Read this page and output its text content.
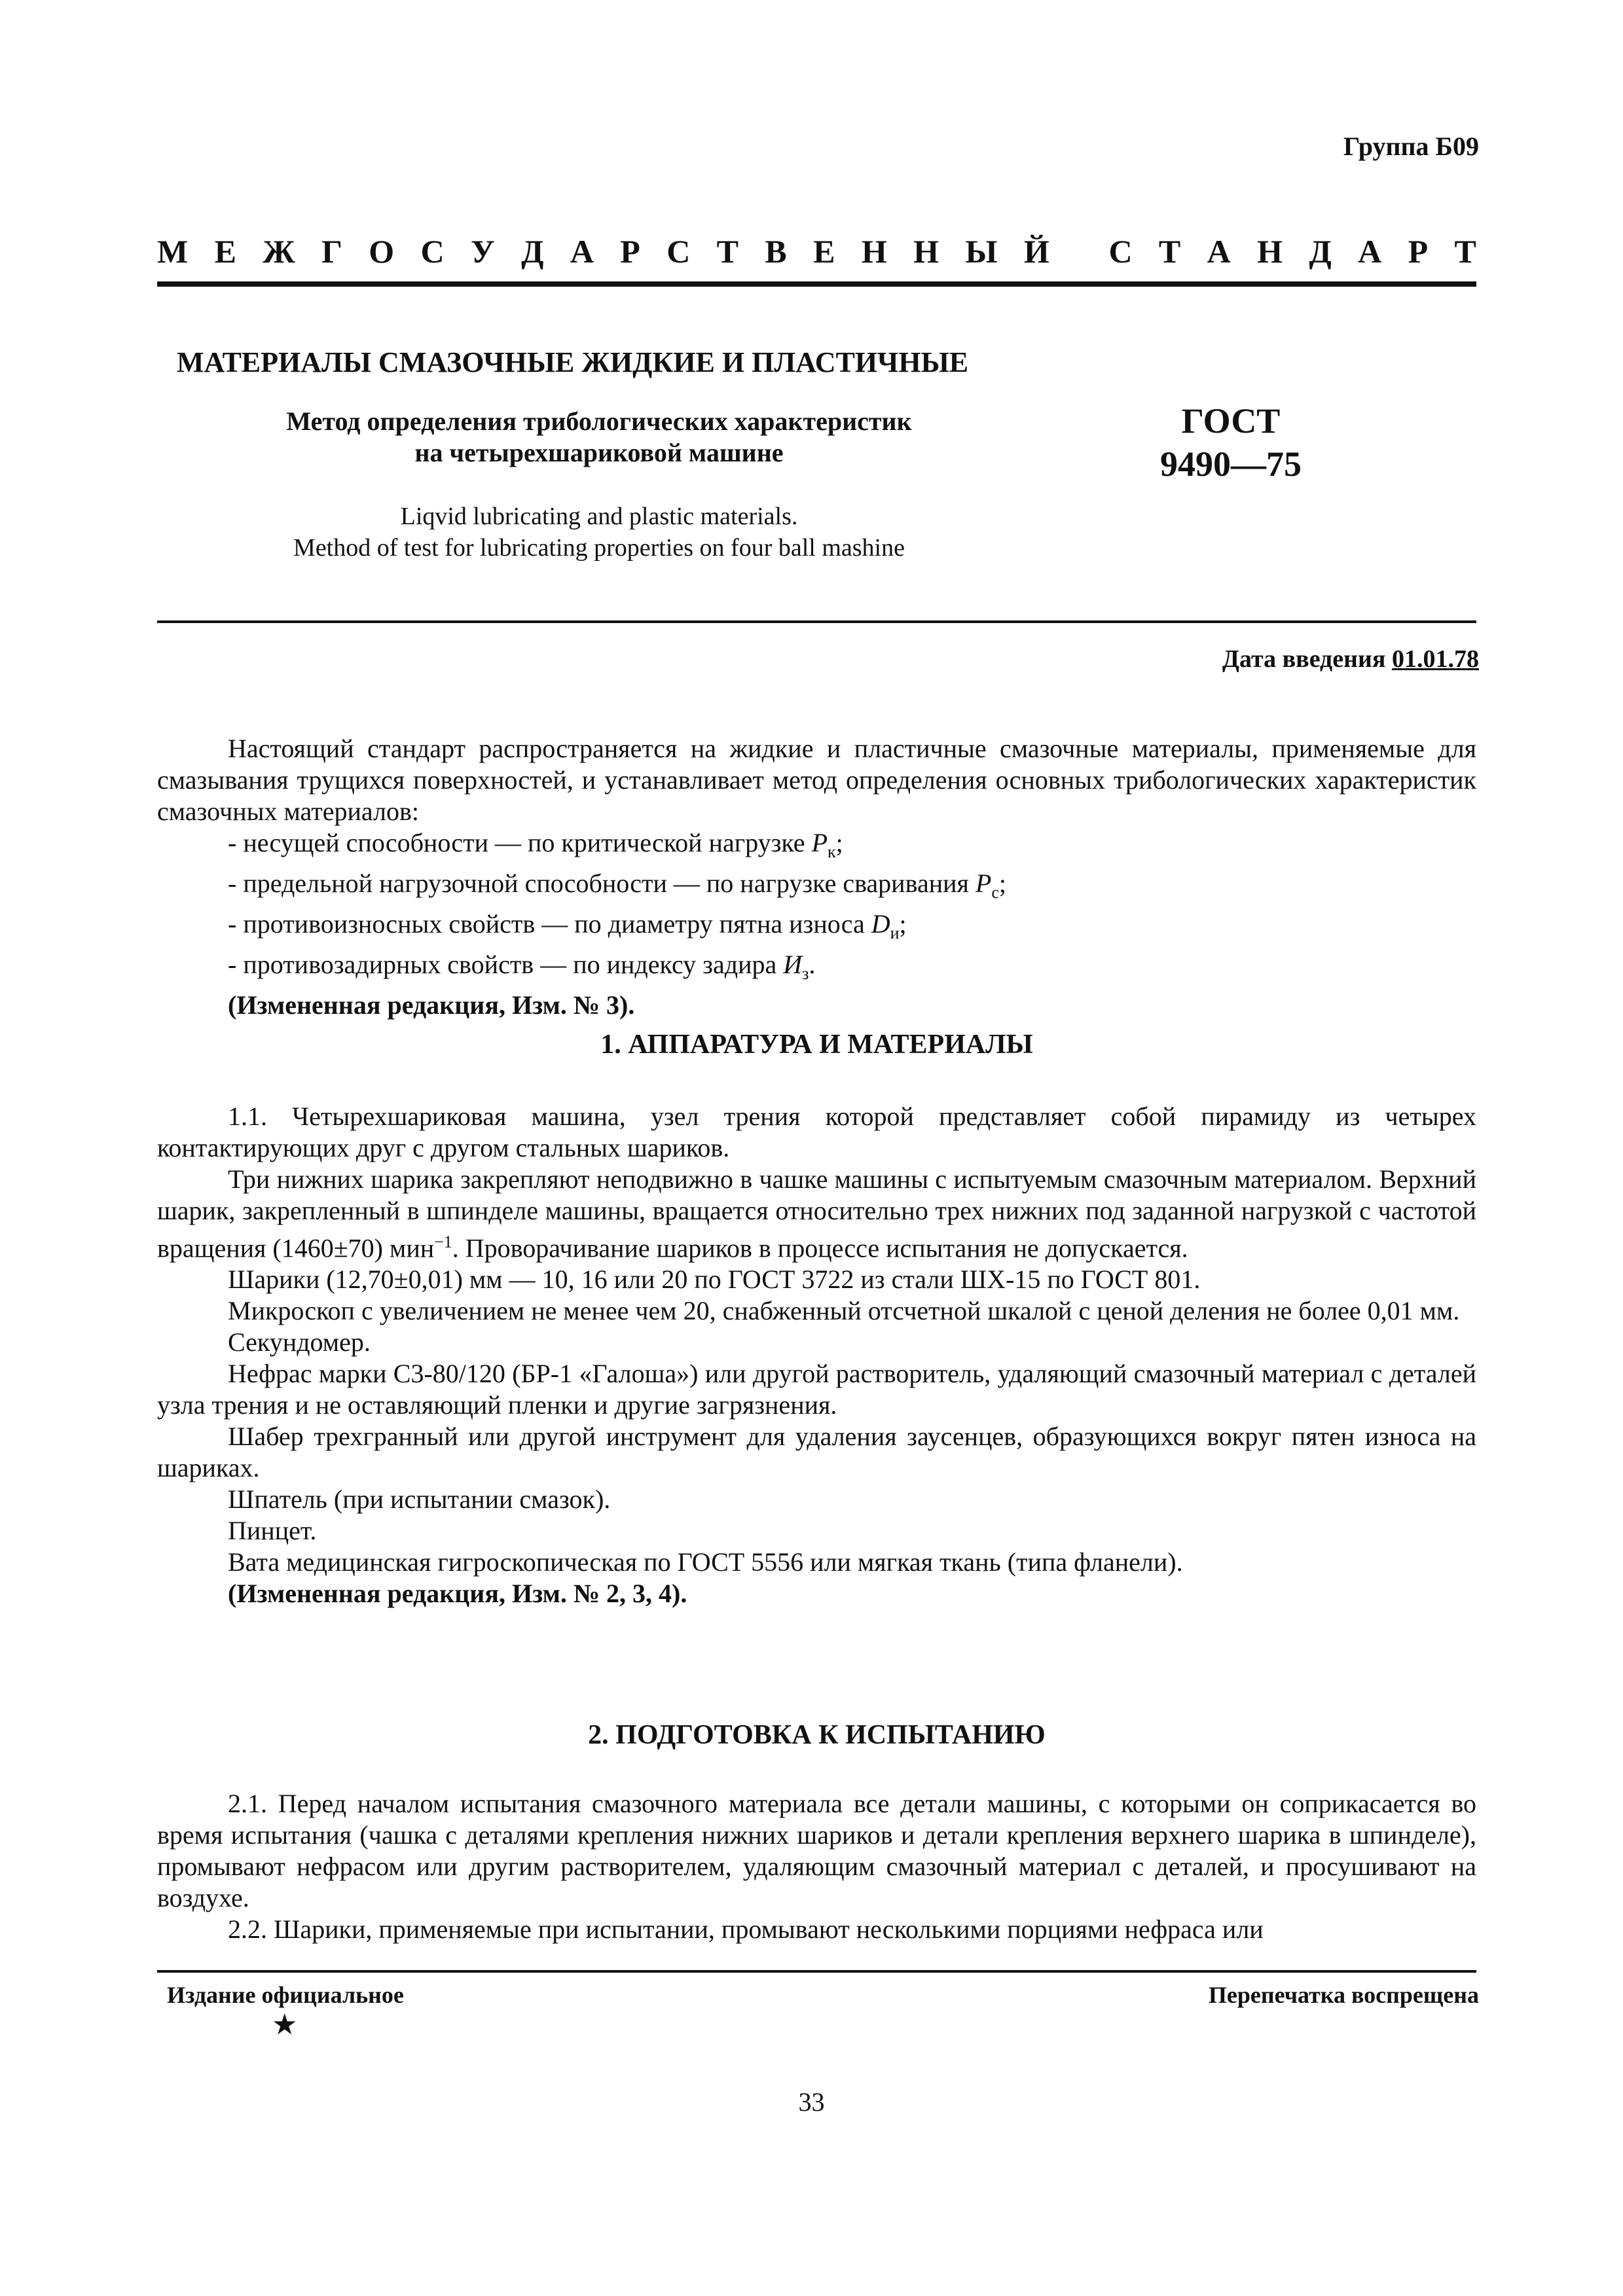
Группа Б09
М Е Ж Г О С У Д А Р С Т В Е Н Н Ы Й С Т А Н Д А Р Т
МАТЕРИАЛЫ СМАЗОЧНЫЕ ЖИДКИЕ И ПЛАСТИЧНЫЕ
Метод определения трибологических характеристик
на четырехшариковой машине
ГОСТ
9490—75
Liqvid lubricating and plastic materials.
Method of test for lubricating properties on four ball mashine
Дата введения 01.01.78

Настоящий стандарт распространяется на жидкие и пластичные смазочные материалы, применяемые для смазывания трущихся поверхностей, и устанавливает метод определения основных трибологических характеристик смазочных материалов:

- несущей способности — по критической нагрузке $P_к$;

- предельной нагрузочной способности — по нагрузке сваривания $P_с$;

- противоизносных свойств — по диаметру пятна износа $D_и$;

- противозадирных свойств — по индексу задира $И_з$.

(Измененная редакция, Изм. № 3).

1. АППАРАТУРА И МАТЕРИАЛЫ

1.1. Четырехшариковая машина, узел трения которой представляет собой пирамиду из четырех контактирующих друг с другом стальных шариков.

Три нижних шарика закрепляют неподвижно в чашке машины с испытуемым смазочным материалом. Верхний шарик, закрепленный в шпинделе машины, вращается относительно трех нижних под заданной нагрузкой с частотой вращения (1460±70) мин$^{-1}$. Проворачивание шариков в процессе испытания не допускается.

Шарики (12,70±0,01) мм — 10, 16 или 20 по ГОСТ 3722 из стали ШХ-15 по ГОСТ 801.

Микроскоп с увеличением не менее чем 20, снабженный отсчетной шкалой с ценой деления не более 0,01 мм.

Секундомер.

Нефрас марки С3-80/120 (БР-1 «Галоша») или другой растворитель, удаляющий смазочный материал с деталей узла трения и не оставляющий пленки и другие загрязнения.

Шабер трехгранный или другой инструмент для удаления заусенцев, образующихся вокруг пятен износа на шариках.

Шпатель (при испытании смазок).

Пинцет.

Вата медицинская гигроскопическая по ГОСТ 5556 или мягкая ткань (типа фланели).

(Измененная редакция, Изм. № 2, 3, 4).

2. ПОДГОТОВКА К ИСПЫТАНИЮ

2.1. Перед началом испытания смазочного материала все детали машины, с которыми он соприкасается во время испытания (чашка с деталями крепления нижних шариков и детали крепления верхнего шарика в шпинделе), промывают нефрасом или другим растворителем, удаляющим смазочный материал с деталей, и просушивают на воздухе.

2.2. Шарики, применяемые при испытании, промывают несколькими порциями нефраса или

Издание официальное
★
Перепечатка воспрещена
33
